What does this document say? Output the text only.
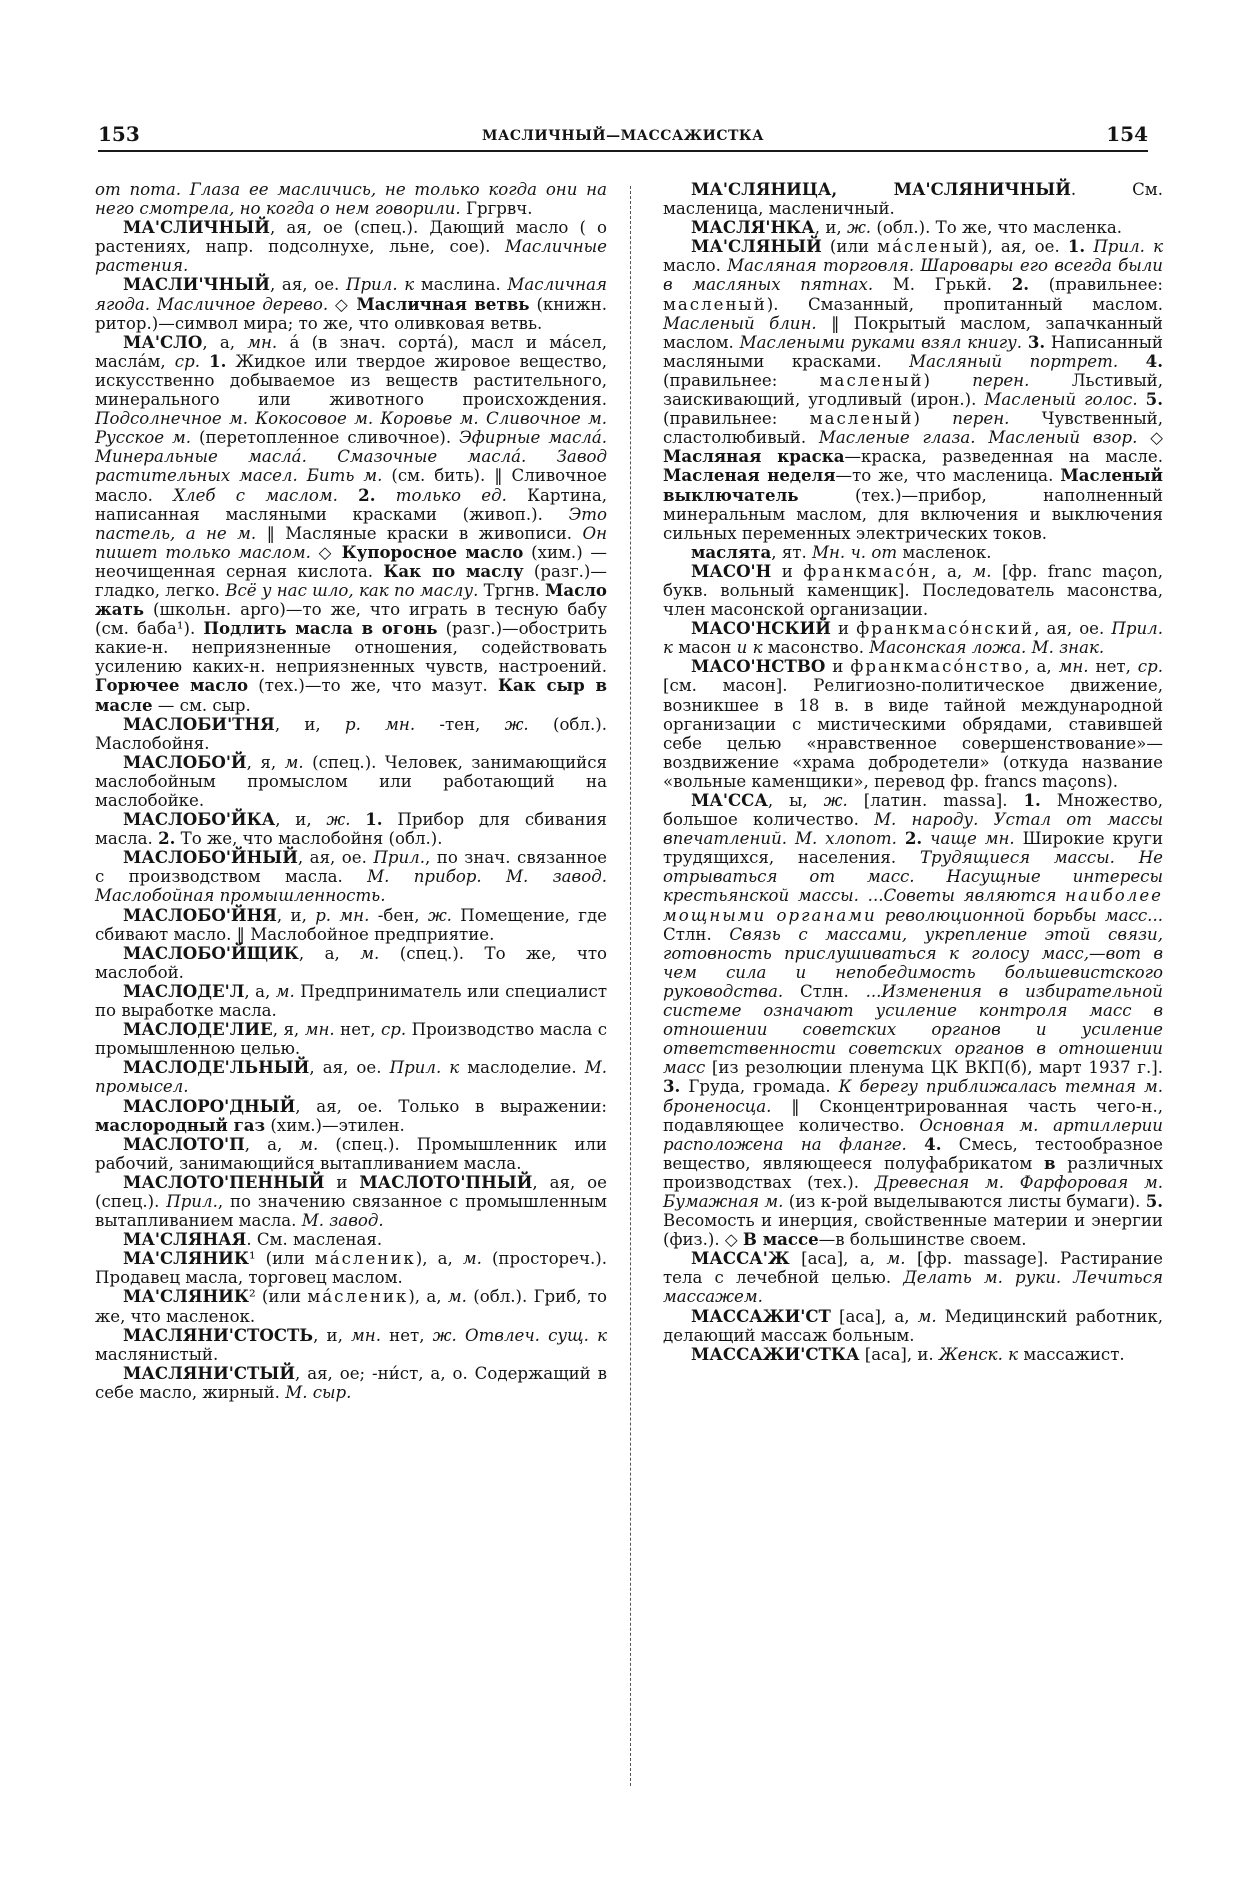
153	МАСЛИЧНЫЙ—МАССАЖИСТКА	154

от пота. Глаза ее масличись, не только когда они на него смотрела, но когда о нем говорили. Гргрвч.

МА'СЛИЧНЫЙ, ая, ое (спец.). Дающий масло ( о растениях, напр. подсолнухе, льне, сое). Масличные растения.

МАСЛИ'ЧНЫЙ, ая, ое. Прил. к маслина. Масличная ягода. Масличное дерево. ◇ Масличная ветвь (книжн. ритор.)—символ мира; то же, что оливковая ветвь.

МА'СЛО, а, мн. á (в знач. сортá), масл и мáсел, маслáм, ср. 1. Жидкое или твердое жировое вещество, искусственно добываемое из веществ растительного, минерального или животного происхождения. Подсолнечное м. Кокосовое м. Коровье м. Сливочное м. Русское м. (перетопленное сливочное). Эфирные маслá. Минеральные маслá. Смазочные маслá. Завод растительных масел. Бить м. (см. бить). ‖ Сливочное масло. Хлеб с маслом. 2. только ед. Картина, написанная масляными красками (живоп.). Это пастель, а не м. ‖ Масляные краски в живописи. Он пишет только маслом. ◇ Купоросное масло (хим.) — неочищенная серная кислота. Как по маслу (разг.)—гладко, легко. Всё у нас шло, как по маслу. Тргнв. Масло жать (школьн. арго)—то же, что играть в тесную бабу (см. баба¹). Подлить масла в огонь (разг.)—обострить какие-н. неприязненные отношения, содействовать усилению каких-н. неприязненных чувств, настроений. Горючее масло (тех.)—то же, что мазут. Как сыр в масле — см. сыр.

МАСЛОБИ'ТНЯ, и, р. мн. -тен, ж. (обл.). Маслобойня.

МАСЛОБО'Й, я, м. (спец.). Человек, занимающийся маслобойным промыслом или работающий на маслобойке.

МАСЛОБО'ЙКА, и, ж. 1. Прибор для сбивания масла. 2. То же, что маслобойня (обл.).

МАСЛОБО'ЙНЫЙ, ая, ое. Прил., по знач. связанное с производством масла. М. прибор. М. завод. Маслобойная промышленность.

МАСЛОБО'ЙНЯ, и, р. мн. -бен, ж. Помещение, где сбивают масло. ‖ Маслобойное предприятие.

МАСЛОБО'ЙЩИК, а, м. (спец.). То же, что маслобой.

МАСЛОДЕ'Л, а, м. Предприниматель или специалист по выработке масла.

МАСЛОДЕ'ЛИЕ, я, мн. нет, ср. Производство масла с промышленною целью.

МАСЛОДЕ'ЛЬНЫЙ, ая, ое. Прил. к маслоделие. М. промысел.

МАСЛОРО'ДНЫЙ, ая, ое. Только в выражении: маслородный газ (хим.)—этилен.

МАСЛОТО'П, а, м. (спец.). Промышленник или рабочий, занимающийся вытапливанием масла.

МАСЛОТО'ПЕННЫЙ и МАСЛОТО'ПНЫЙ, ая, ое (спец.). Прил., по значению связанное с промышленным вытапливанием масла. М. завод.

МА'СЛЯНАЯ. См. масленая.

МА'СЛЯНИК¹ (или мáсленик), а, м. (простореч.). Продавец масла, торговец маслом.

МА'СЛЯНИК² (или мáсленик), а, м. (обл.). Гриб, то же, что масленок.

МАСЛЯНИ'СТОСТЬ, и, мн. нет, ж. Отвлеч. сущ. к маслянистый.

МАСЛЯНИ'СТЫЙ, ая, ое; -ни́ст, а, о. Содержащий в себе масло, жирный. М. сыр.

МА'СЛЯНИЦА, МА'СЛЯНИЧНЫЙ. См. масленица, масленичный.

МАСЛЯ'НКА, и, ж. (обл.). То же, что масленка.

МА'СЛЯНЫЙ (или мáсленый), ая, ое. 1. Прил. к масло. Масляная торговля. Шаровары его всегда были в масляных пятнах. М. Грькй. 2. (правильнее: масленый). Смазанный, пропитанный маслом. Масленый блин. ‖ Покрытый маслом, запачканный маслом. Маслеными руками взял книгу. 3. Написанный масляными красками. Масляный портрет. 4. (правильнее: масленый) перен. Льстивый, заискивающий, угодливый (ирон.). Масленый голос. 5. (правильнее: масленый) перен. Чувственный, сластолюбивый. Масленые глаза. Масленый взор. ◇ Масляная краска—краска, разведенная на масле. Масленая неделя—то же, что масленица. Масленый выключатель (тех.)—прибор, наполненный минеральным маслом, для включения и выключения сильных переменных электрических токов.

маслята, ят. Мн. ч. от масленок.

МАСО'Н и франкмасóн, а, м. [фр. franc maçon, букв. вольный каменщик]. Последователь масонства, член масонской организации.

МАСО'НСКИЙ и франкмасóнский, ая, ое. Прил. к масон и к масонство. Масонская ложа. М. знак.

МАСО'НСТВО и франкмасóнство, а, мн. нет, ср. [см. масон]. Религиозно-политическое движение, возникшее в 18 в. в виде тайной международной организации с мистическими обрядами, ставившей себе целью «нравственное совершенствование»— воздвижение «храма добродетели» (откуда название «вольные каменщики», перевод фр. francs maçons).

МА'ССА, ы, ж. [латин. massa]. 1. Множество, большое количество. М. народу. Устал от массы впечатлений. М. хлопот. 2. чаще мн. Широкие круги трудящихся, населения. Трудящиеся массы. Не отрываться от масс. Насущные интересы крестьянской массы. ...Советы являются наиболее мощными органами революционной борьбы масс... Стлн. Связь с массами, укрепление этой связи, готовность прислушиваться к голосу масс,—вот в чем сила и непобедимость большевистского руководства. Стлн. ...Изменения в избирательной системе означают усиление контроля масс в отношении советских органов и усиление ответственности советских органов в отношении масс [из резолюции пленума ЦК ВКП(б), март 1937 г.]. 3. Груда, громада. К берегу приближалась темная м. броненосца. ‖ Сконцентрированная часть чего-н., подавляющее количество. Основная м. артиллерии расположена на фланге. 4. Смесь, тестообразное вещество, являющееся полуфабрикатом в различных производствах (тех.). Древесная м. Фарфоровая м. Бумажная м. (из к-рой выделываются листы бумаги). 5. Весомость и инерция, свойственные материи и энергии (физ.). ◇ В массе—в большинстве своем.

МАССА'Ж [аса], а, м. [фр. massage]. Растирание тела с лечебной целью. Делать м. руки. Лечиться массажем.

МАССАЖИ'СТ [аса], а, м. Медицинский работник, делающий массаж больным.

МАССАЖИ'СТКА [аса], и. Женск. к массажист.
